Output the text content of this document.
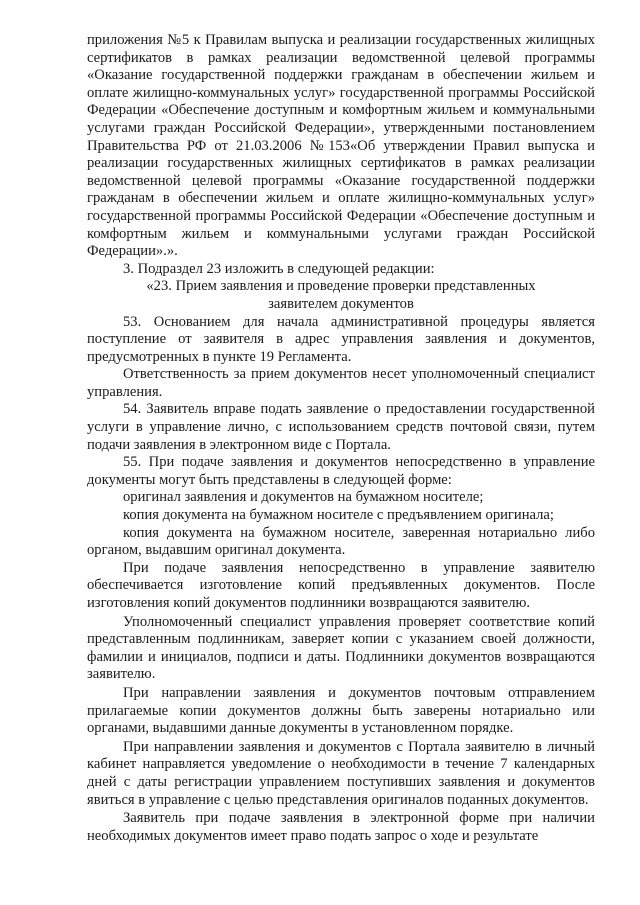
приложения №5 к Правилам выпуска и реализации государственных жилищных сертификатов в рамках реализации ведомственной целевой программы «Оказание государственной поддержки гражданам в обеспечении жильем и оплате жилищно-коммунальных услуг» государственной программы Российской Федерации «Обеспечение доступным и комфортным жильем и коммунальными услугами граждан Российской Федерации», утвержденными постановлением Правительства РФ от 21.03.2006 №153«Об утверждении Правил выпуска и реализации государственных жилищных сертификатов в рамках реализации ведомственной целевой программы «Оказание государственной поддержки гражданам в обеспечении жильем и оплате жилищно-коммунальных услуг» государственной программы Российской Федерации «Обеспечение доступным и комфортным жильем и коммунальными услугами граждан Российской Федерации».».

3. Подраздел 23 изложить в следующей редакции:

«23. Прием заявления и проведение проверки представленных

заявителем документов

53. Основанием для начала административной процедуры является поступление от заявителя в адрес управления заявления и документов, предусмотренных в пункте 19 Регламента.

Ответственность за прием документов несет уполномоченный специалист управления.

54. Заявитель вправе подать заявление о предоставлении государственной услуги в управление лично, с использованием средств почтовой связи, путем подачи заявления в электронном виде с Портала.

55. При подаче заявления и документов непосредственно в управление документы могут быть представлены в следующей форме:

оригинал заявления и документов на бумажном носителе;

копия документа на бумажном носителе с предъявлением оригинала;

копия документа на бумажном носителе, заверенная нотариально либо органом, выдавшим оригинал документа.

При подаче заявления непосредственно в управление заявителю обеспечивается изготовление копий предъявленных документов. После изготовления копий документов подлинники возвращаются заявителю.

Уполномоченный специалист управления проверяет соответствие копий представленным подлинникам, заверяет копии с указанием своей должности, фамилии и инициалов, подписи и даты. Подлинники документов возвращаются заявителю.

При направлении заявления и документов почтовым отправлением прилагаемые копии документов должны быть заверены нотариально или органами, выдавшими данные документы в установленном порядке.

При направлении заявления и документов с Портала заявителю в личный кабинет направляется уведомление о необходимости в течение 7 календарных дней с даты регистрации управлением поступивших заявления и документов явиться в управление с целью представления оригиналов поданных документов.

Заявитель при подаче заявления в электронной форме при наличии необходимых документов имеет право подать запрос о ходе и результате
